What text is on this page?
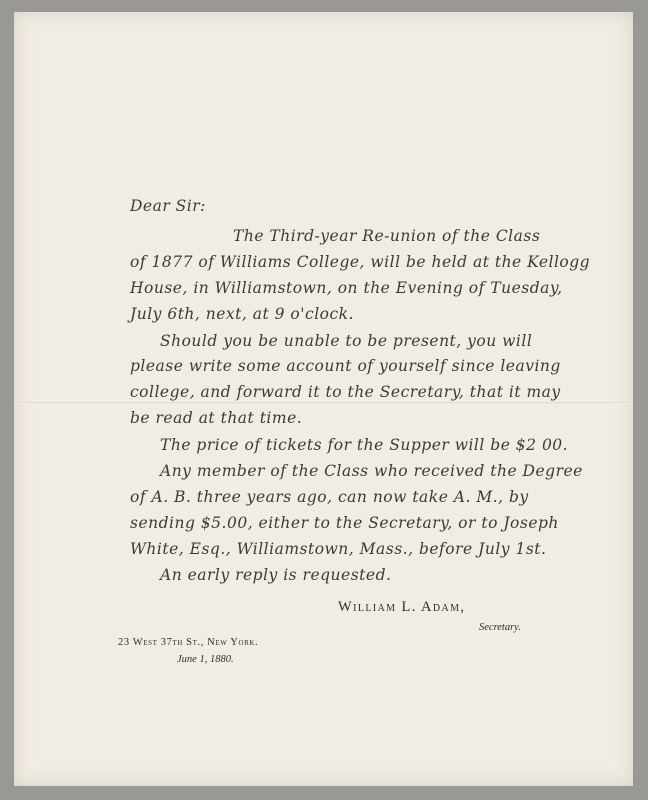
Dear Sir:

The Third-year Re-union of the Class

of 1877 of Williams College, will be held at the Kellogg

House, in Williamstown, on the Evening of Tuesday,

July 6th, next, at 9 o'clock.

Should you be unable to be present, you will

please write some account of yourself since leaving

college, and forward it to the Secretary, that it may

be read at that time.

The price of tickets for the Supper will be $2 00.

Any member of the Class who received the Degree

of A. B. three years ago, can now take A. M., by

sending $5.00, either to the Secretary, or to Joseph

White, Esq., Williamstown, Mass., before July 1st.

An early reply is requested.

William L. Adam,

Secretary.

23 West 37th St., New York.

June 1, 1880.
